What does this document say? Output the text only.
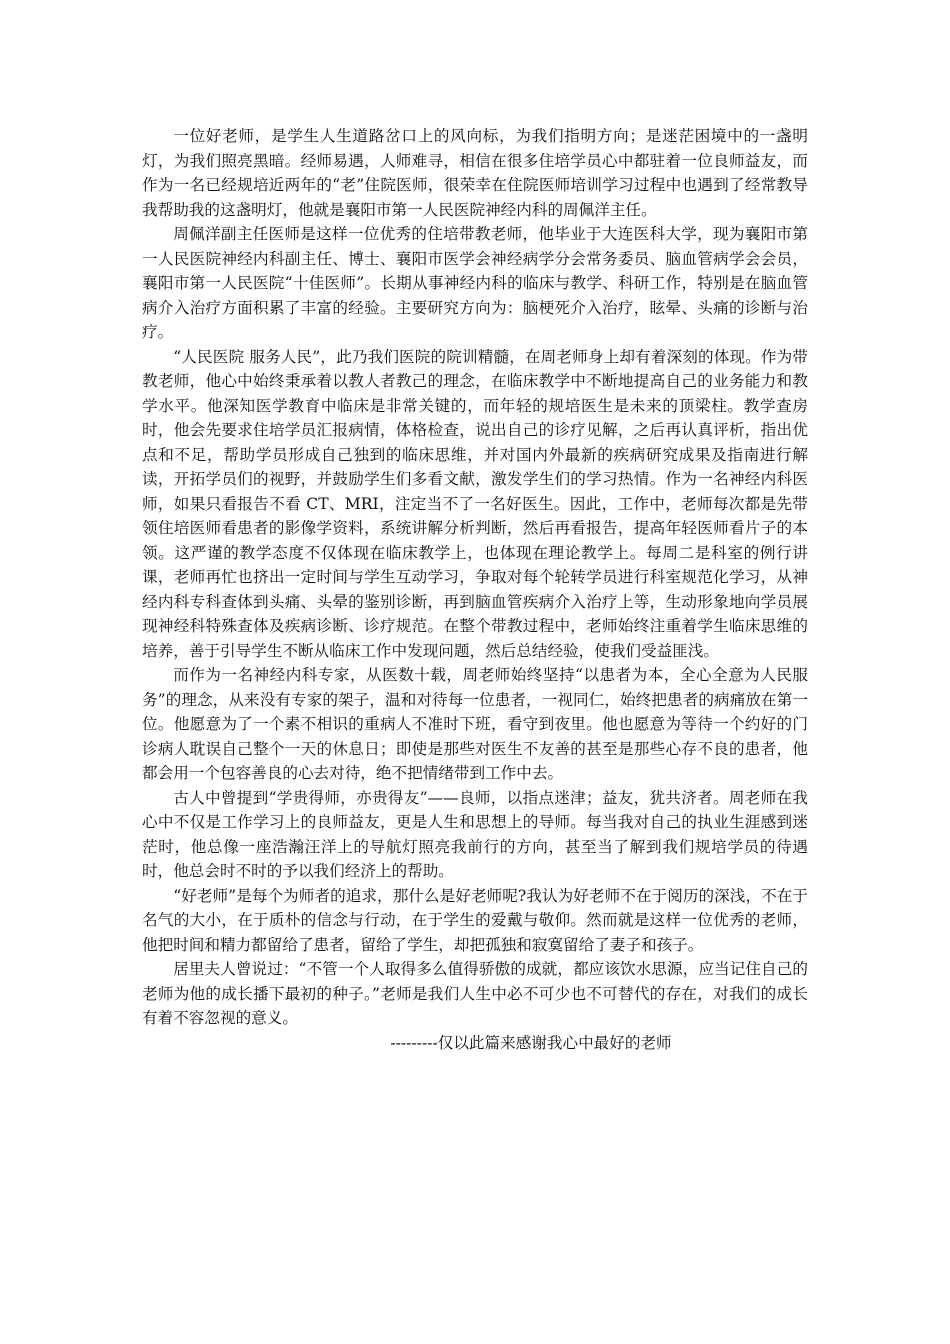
一位好老师，是学生人生道路岔口上的风向标，为我们指明方向；是迷茫困境中的一盏明灯，为我们照亮黑暗。经师易遇，人师难寻，相信在很多住培学员心中都驻着一位良师益友，而作为一名已经规培近两年的“老”住院医师，很荣幸在住院医师培训学习过程中也遇到了经常教导我帮助我的这盏明灯，他就是襄阳市第一人民医院神经内科的周佩洋主任。

周佩洋副主任医师是这样一位优秀的住培带教老师，他毕业于大连医科大学，现为襄阳市第一人民医院神经内科副主任、博士、襄阳市医学会神经病学分会常务委员、脑血管病学会会员，襄阳市第一人民医院“十佳医师”。长期从事神经内科的临床与教学、科研工作，特别是在脑血管病介入治疗方面积累了丰富的经验。主要研究方向为：脑梗死介入治疗，眩晕、头痛的诊断与治疗。

“人民医院 服务人民”，此乃我们医院的院训精髓，在周老师身上却有着深刻的体现。作为带教老师，他心中始终秉承着以教人者教己的理念，在临床教学中不断地提高自己的业务能力和教学水平。他深知医学教育中临床是非常关键的，而年轻的规培医生是未来的顶梁柱。教学查房时，他会先要求住培学员汇报病情，体格检查，说出自己的诊疗见解，之后再认真评析，指出优点和不足，帮助学员形成自己独到的临床思维，并对国内外最新的疾病研究成果及指南进行解读，开拓学员们的视野，并鼓励学生们多看文献，激发学生们的学习热情。作为一名神经内科医师，如果只看报告不看 CT、MRI，注定当不了一名好医生。因此，工作中，老师每次都是先带领住培医师看患者的影像学资料，系统讲解分析判断，然后再看报告，提高年轻医师看片子的本领。这严谨的教学态度不仅体现在临床教学上，也体现在理论教学上。每周二是科室的例行讲课，老师再忙也挤出一定时间与学生互动学习，争取对每个轮转学员进行科室规范化学习，从神经内科专科查体到头痛、头晕的鉴别诊断，再到脑血管疾病介入治疗上等，生动形象地向学员展现神经科特殊查体及疾病诊断、诊疗规范。在整个带教过程中，老师始终注重着学生临床思维的培养，善于引导学生不断从临床工作中发现问题，然后总结经验，使我们受益匪浅。

而作为一名神经内科专家，从医数十载，周老师始终坚持“以患者为本，全心全意为人民服务”的理念，从来没有专家的架子，温和对待每一位患者，一视同仁，始终把患者的病痛放在第一位。他愿意为了一个素不相识的重病人不准时下班，看守到夜里。他也愿意为等待一个约好的门诊病人耽误自己整个一天的休息日；即使是那些对医生不友善的甚至是那些心存不良的患者，他都会用一个包容善良的心去对待，绝不把情绪带到工作中去。

古人中曾提到“学贵得师，亦贵得友”——良师，以指点迷津；益友，犹共济者。周老师在我心中不仅是工作学习上的良师益友，更是人生和思想上的导师。每当我对自己的执业生涯感到迷茫时，他总像一座浩瀚汪洋上的导航灯照亮我前行的方向，甚至当了解到我们规培学员的待遇时，他总会时不时的予以我们经济上的帮助。

“好老师”是每个为师者的追求，那什么是好老师呢?我认为好老师不在于阅历的深浅，不在于名气的大小，在于质朴的信念与行动，在于学生的爱戴与敬仰。然而就是这样一位优秀的老师，他把时间和精力都留给了患者，留给了学生，却把孤独和寂寞留给了妻子和孩子。

居里夫人曾说过：“不管一个人取得多么值得骄傲的成就，都应该饮水思源，应当记住自己的老师为他的成长播下最初的种子。”老师是我们人生中必不可少也不可替代的存在，对我们的成长有着不容忽视的意义。

---------仅以此篇来感谢我心中最好的老师
